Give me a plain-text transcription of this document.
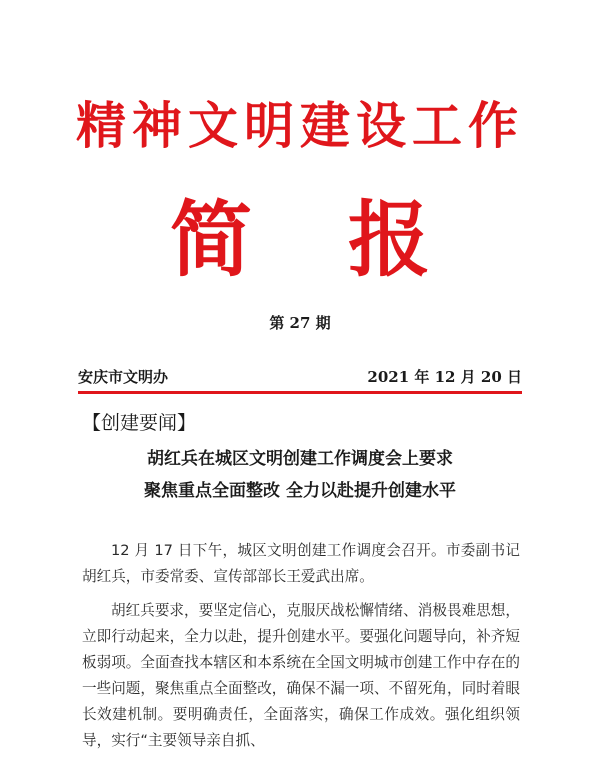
精神文明建设工作
简 报
第 27 期
安庆市文明办	2021 年 12 月 20 日
【创建要闻】
胡红兵在城区文明创建工作调度会上要求
聚焦重点全面整改 全力以赴提升创建水平

12 月 17 日下午，城区文明创建工作调度会召开。市委副书记胡红兵，市委常委、宣传部部长王爱武出席。

胡红兵要求，要坚定信心，克服厌战松懈情绪、消极畏难思想，立即行动起来，全力以赴，提升创建水平。要强化问题导向，补齐短板弱项。全面查找本辖区和本系统在全国文明城市创建工作中存在的一些问题，聚焦重点全面整改，确保不漏一项、不留死角，同时着眼长效建机制。要明确责任，全面落实，确保工作成效。强化组织领导，实行“主要领导亲自抓、
